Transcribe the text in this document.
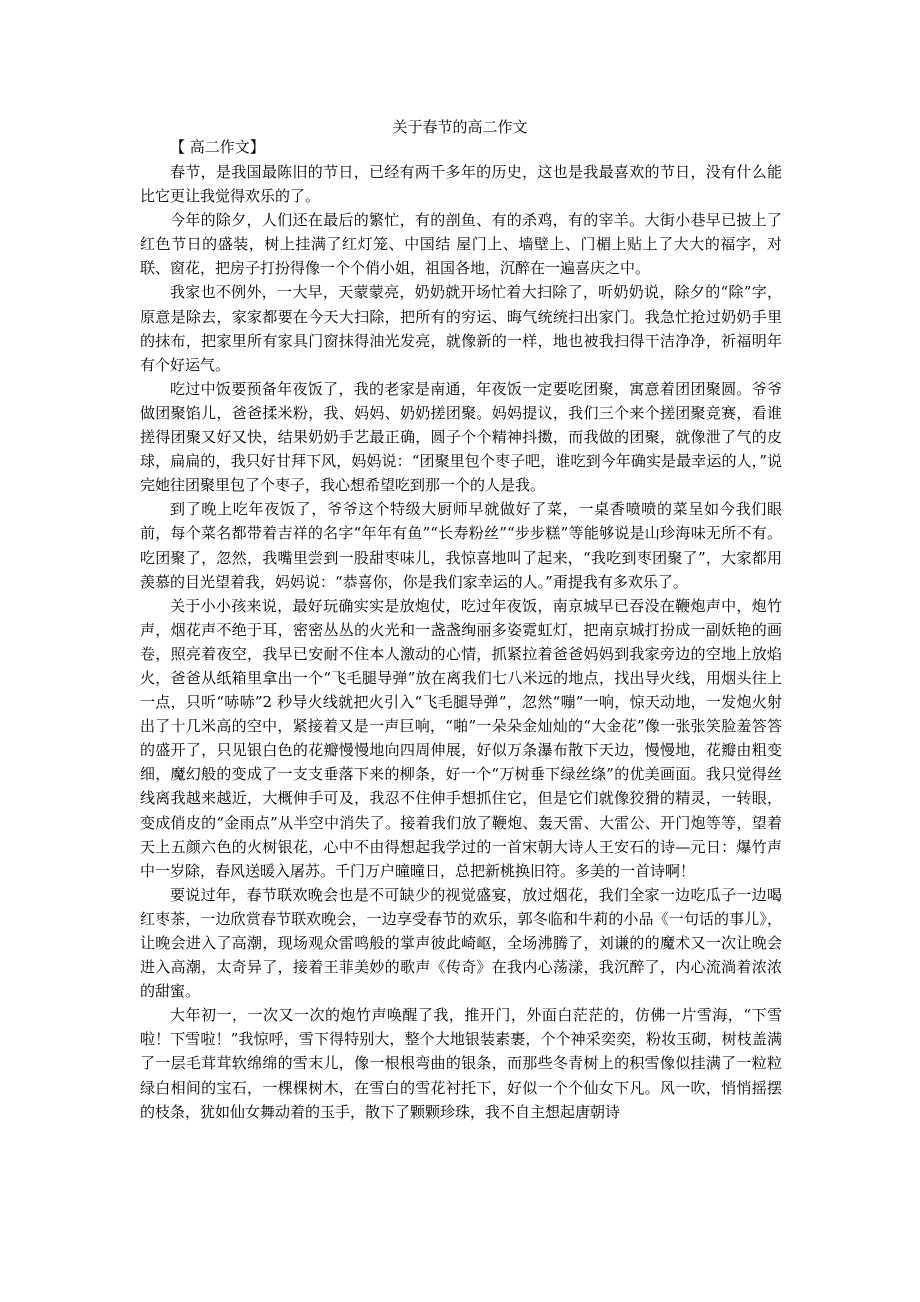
关于春节的高二作文
【 高二作文】

春节，是我国最陈旧的节日，已经有两千多年的历史，这也是我最喜欢的节日，没有什么能比它更让我觉得欢乐的了。

今年的除夕，人们还在最后的繁忙，有的剖鱼、有的杀鸡，有的宰羊。大街小巷早已披上了红色节日的盛装，树上挂满了红灯笼、中国结 屋门上、墙壁上、门楣上贴上了大大的福字，对联、窗花，把房子打扮得像一个个俏小姐，祖国各地，沉醉在一遍喜庆之中。

我家也不例外，一大早，天蒙蒙亮，奶奶就开场忙着大扫除了，听奶奶说，除夕的“除”字，原意是除去，家家都要在今天大扫除，把所有的穷运、晦气统统扫出家门。我急忙抢过奶奶手里的抹布，把家里所有家具门窗抹得油光发亮，就像新的一样，地也被我扫得干洁净净，祈福明年有个好运气。

吃过中饭要预备年夜饭了，我的老家是南通，年夜饭一定要吃团聚，寓意着团团聚圆。爷爷做团聚馅儿，爸爸揉米粉，我、妈妈、奶奶搓团聚。妈妈提议，我们三个来个搓团聚竞赛，看谁搓得团聚又好又快，结果奶奶手艺最正确，圆子个个精神抖擞，而我做的团聚，就像泄了气的皮球，扁扁的，我只好甘拜下风，妈妈说：“团聚里包个枣子吧，谁吃到今年确实是最幸运的人，”说完她往团聚里包了个枣子，我心想希望吃到那一个的人是我。

到了晚上吃年夜饭了，爷爷这个特级大厨师早就做好了菜，一桌香喷喷的菜呈如今我们眼前，每个菜名都带着吉祥的名字“年年有鱼”“长寿粉丝”“步步糕”等能够说是山珍海味无所不有。吃团聚了，忽然，我嘴里尝到一股甜枣味儿，我惊喜地叫了起来，“我吃到枣团聚了”，大家都用羡慕的目光望着我，妈妈说：“恭喜你，你是我们家幸运的人。”甭提我有多欢乐了。

关于小小孩来说，最好玩确实实是放炮仗，吃过年夜饭，南京城早已吞没在鞭炮声中，炮竹声，烟花声不绝于耳，密密丛丛的火光和一盏盏绚丽多姿霓虹灯，把南京城打扮成一副妖艳的画卷，照亮着夜空，我早已安耐不住本人激动的心情，抓紧拉着爸爸妈妈到我家旁边的空地上放焰火，爸爸从纸箱里拿出一个“飞毛腿导弹”放在离我们七八米远的地点，找出导火线，用烟头往上一点，只听“哧哧”2 秒导火线就把火引入“飞毛腿导弹”，忽然“嘣”一响，惊天动地，一发炮火射出了十几米高的空中，紧接着又是一声巨响，“啪”一朵朵金灿灿的“大金花”像一张张笑脸羞答答的盛开了，只见银白色的花瓣慢慢地向四周伸展，好似万条瀑布散下天边，慢慢地，花瓣由粗变细，魔幻般的变成了一支支垂落下来的柳条，好一个“万树垂下绿丝绦”的优美画面。我只觉得丝线离我越来越近，大概伸手可及，我忍不住伸手想抓住它，但是它们就像狡猾的精灵，一转眼，变成俏皮的“金雨点”从半空中消失了。接着我们放了鞭炮、轰天雷、大雷公、开门炮等等，望着天上五颜六色的火树银花，心中不由得想起我学过的一首宋朝大诗人王安石的诗—元日：爆竹声中一岁除，春风送暖入屠苏。千门万户曈曈日，总把新桃换旧符。多美的一首诗啊！

要说过年，春节联欢晚会也是不可缺少的视觉盛宴，放过烟花，我们全家一边吃瓜子一边喝红枣茶，一边欣赏春节联欢晚会，一边享受春节的欢乐，郭冬临和牛莉的小品《一句话的事儿》，让晚会进入了高潮，现场观众雷鸣般的掌声彼此崎岖，全场沸腾了，刘谦的的魔术又一次让晚会进入高潮，太奇异了，接着王菲美妙的歌声《传奇》在我内心荡漾，我沉醉了，内心流淌着浓浓的甜蜜。

大年初一，一次又一次的炮竹声唤醒了我，推开门，外面白茫茫的，仿佛一片雪海，“下雪啦！下雪啦！”我惊呼，雪下得特别大，整个大地银装素裹，个个神采奕奕，粉妆玉砌，树枝盖满了一层毛茸茸软绵绵的雪末儿，像一根根弯曲的银条，而那些冬青树上的积雪像似挂满了一粒粒绿白相间的宝石，一棵棵树木，在雪白的雪花衬托下，好似一个个仙女下凡。风一吹，悄悄摇摆的枝条，犹如仙女舞动着的玉手，散下了颗颗珍珠，我不自主想起唐朝诗
